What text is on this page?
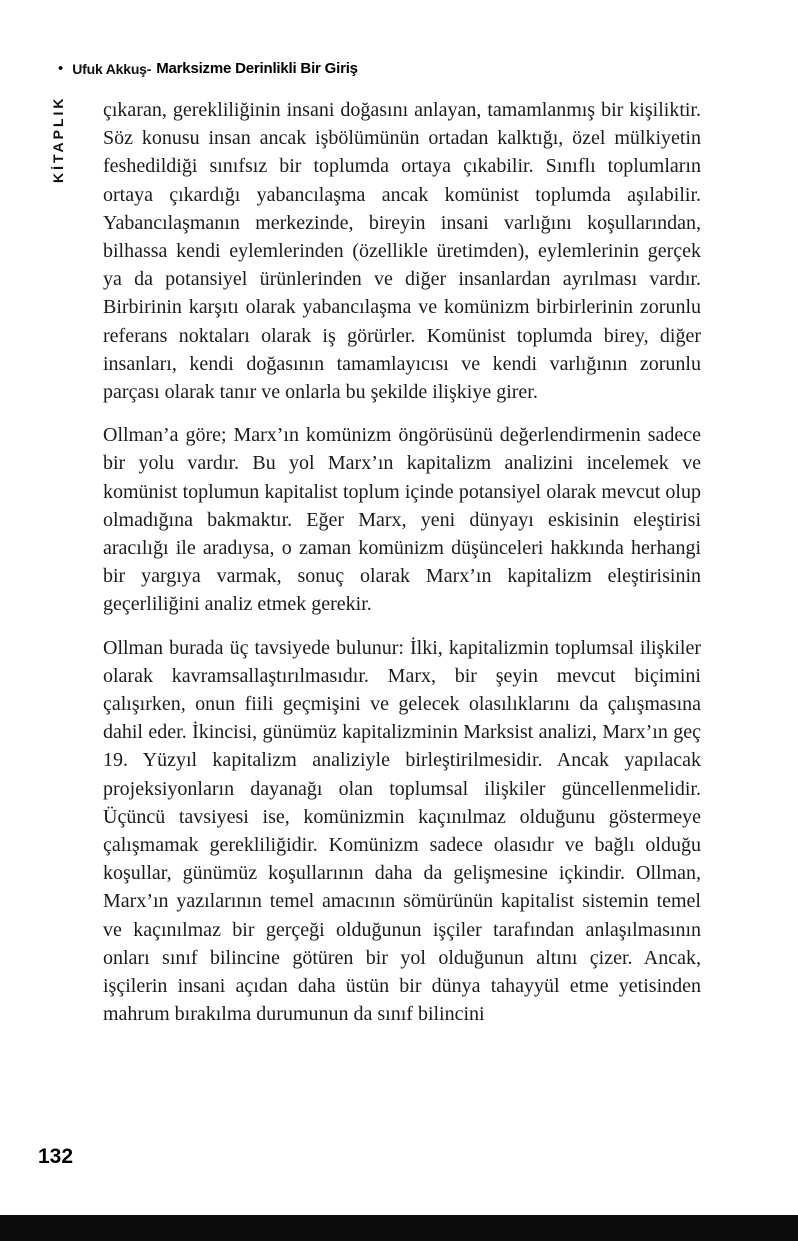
• Ufuk Akkuş- Marksizme Derinlikli Bir Giriş
KİTAPLIK çıkaran, gerekliliğinin insani doğasını anlayan, tamamlanmış bir kişiliktir. Söz konusu insan ancak işbölümünün ortadan kalktığı, özel mülkiyetin feshedildiği sınıfsız bir toplumda ortaya çıkabilir. Sınıflı toplumların ortaya çıkardığı yabancılaşma ancak komünist toplumda aşılabilir. Yabancılaşmanın merkezinde, bireyin insani varlığını koşullarından, bilhassa kendi eylemlerinden (özellikle üretimden), eylemlerinin gerçek ya da potansiyel ürünlerinden ve diğer insanlardan ayrılması vardır. Birbirinin karşıtı olarak yabancılaşma ve komünizm birbirlerinin zorunlu referans noktaları olarak iş görürler. Komünist toplumda birey, diğer insanları, kendi doğasının tamamlayıcısı ve kendi varlığının zorunlu parçası olarak tanır ve onlarla bu şekilde ilişkiye girer.

Ollman’a göre; Marx’ın komünizm öngörüsünü değerlendirmenin sadece bir yolu vardır. Bu yol Marx’ın kapitalizm analizini incelemek ve komünist toplumun kapitalist toplum içinde potansiyel olarak mevcut olup olmadığına bakmaktır. Eğer Marx, yeni dünyayı eskisinin eleştirisi aracılığı ile aradıysa, o zaman komünizm düşünceleri hakkında herhangi bir yargıya varmak, sonuç olarak Marx’ın kapitalizm eleştirisinin geçerliliğini analiz etmek gerekir.

Ollman burada üç tavsiyede bulunur: İlki, kapitalizmin toplumsal ilişkiler olarak kavramsallaştırılmasıdır. Marx, bir şeyin mevcut biçimini çalışırken, onun fiili geçmişini ve gelecek olasılıklarını da çalışmasına dahil eder. İkincisi, günümüz kapitalizminin Marksist analizi, Marx’ın geç 19. Yüzyıl kapitalizm analiziyle birleştirilmesidir. Ancak yapılacak projeksiyonların dayanağı olan toplumsal ilişkiler güncellenmelidir. Üçüncü tavsiyesi ise, komünizmin kaçınılmaz olduğunu göstermeye çalışmamak gerekliliğidir. Komünizm sadece olasıdır ve bağlı olduğu koşullar, günümüz koşullarının daha da gelişmesine içkindir. Ollman, Marx’ın yazılarının temel amacının sömürünün kapitalist sistemin temel ve kaçınılmaz bir gerçeği olduğunun işçiler tarafından anlaşılmasının onları sınıf bilincine götüren bir yol olduğunun altını çizer. Ancak, işçilerin insani açıdan daha üstün bir dünya tahayyül etme yetisinden mahrum bırakılma durumunun da sınıf bilincini

132
